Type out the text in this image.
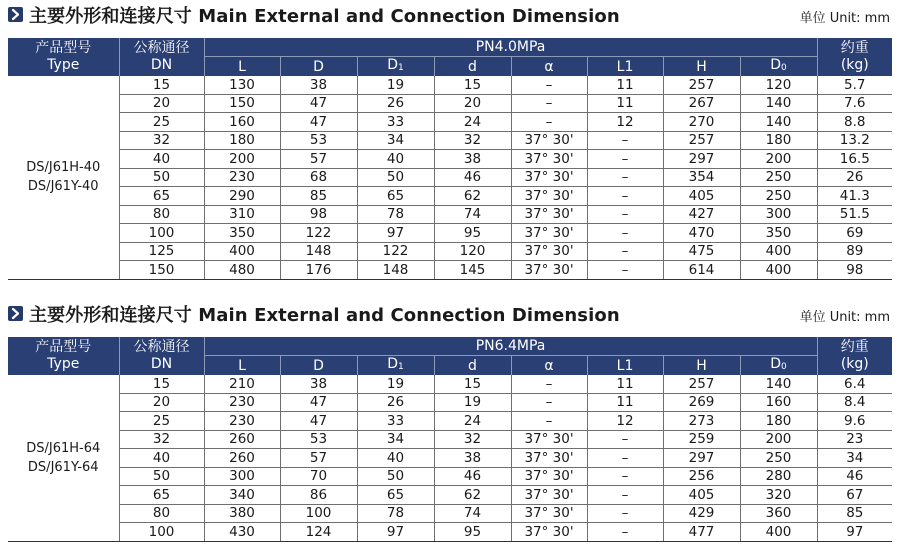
主要外形和连接尺寸 Main External and Connection Dimension	单位 Unit: mm
产品型号
Type	公称通径
DN	PN4.0MPa								约重
(kg)

		L	D	D1	d	α	L1	H	D0	

DS/J61H-40
DS/J61Y-40	15	130	38	19	15	–	11	257	120	5.7
	20	150	47	26	20	–	11	267	140	7.6
	25	160	47	33	24	–	12	270	140	8.8
	32	180	53	34	32	37° 30'	–	257	180	13.2
	40	200	57	40	38	37° 30'	–	297	200	16.5
	50	230	68	50	46	37° 30'	–	354	250	26
	65	290	85	65	62	37° 30'	–	405	250	41.3
	80	310	98	78	74	37° 30'	–	427	300	51.5
	100	350	122	97	95	37° 30'	–	470	350	69
	125	400	148	122	120	37° 30'	–	475	400	89
	150	480	176	148	145	37° 30'	–	614	400	98
主要外形和连接尺寸 Main External and Connection Dimension	单位 Unit: mm
产品型号
Type	公称通径
DN	PN6.4MPa								约重
(kg)

		L	D	D1	d	α	L1	H	D0	

DS/J61H-64
DS/J61Y-64	15	210	38	19	15	–	11	257	140	6.4
	20	230	47	26	19	–	11	269	160	8.4
	25	230	47	33	24	–	12	273	180	9.6
	32	260	53	34	32	37° 30'	–	259	200	23
	40	260	57	40	38	37° 30'	–	297	250	34
	50	300	70	50	46	37° 30'	–	256	280	46
	65	340	86	65	62	37° 30'	–	405	320	67
	80	380	100	78	74	37° 30'	–	429	360	85
	100	430	124	97	95	37° 30'	–	477	400	97
